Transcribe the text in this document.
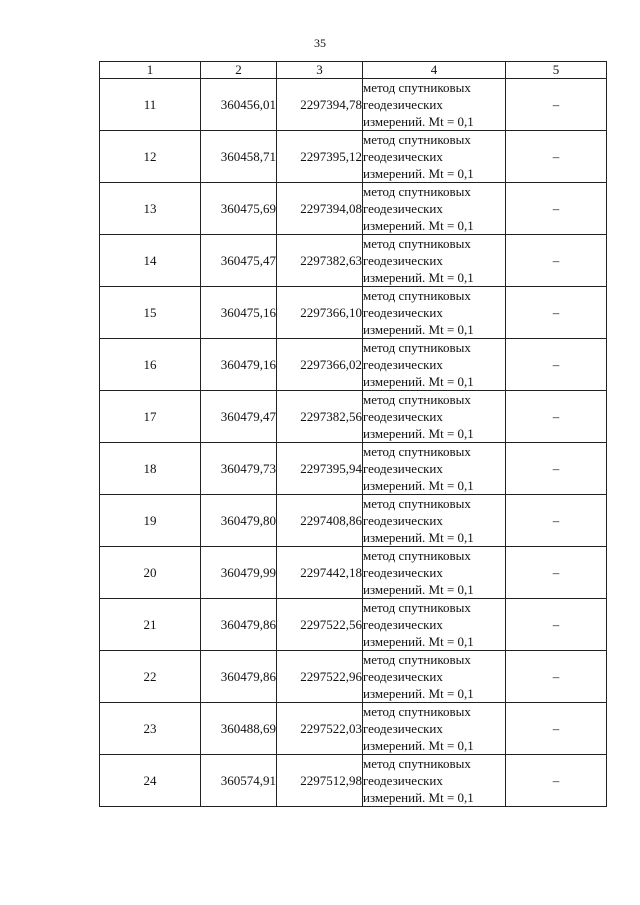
35
1	2	3	4	5
11	360456,01	2297394,78	метод спутниковых
геодезических
измерений. Mt = 0,1	–
12	360458,71	2297395,12	метод спутниковых
геодезических
измерений. Mt = 0,1	–
13	360475,69	2297394,08	метод спутниковых
геодезических
измерений. Mt = 0,1	–
14	360475,47	2297382,63	метод спутниковых
геодезических
измерений. Mt = 0,1	–
15	360475,16	2297366,10	метод спутниковых
геодезических
измерений. Mt = 0,1	–
16	360479,16	2297366,02	метод спутниковых
геодезических
измерений. Mt = 0,1	–
17	360479,47	2297382,56	метод спутниковых
геодезических
измерений. Mt = 0,1	–
18	360479,73	2297395,94	метод спутниковых
геодезических
измерений. Mt = 0,1	–
19	360479,80	2297408,86	метод спутниковых
геодезических
измерений. Mt = 0,1	–
20	360479,99	2297442,18	метод спутниковых
геодезических
измерений. Mt = 0,1	–
21	360479,86	2297522,56	метод спутниковых
геодезических
измерений. Mt = 0,1	–
22	360479,86	2297522,96	метод спутниковых
геодезических
измерений. Mt = 0,1	–
23	360488,69	2297522,03	метод спутниковых
геодезических
измерений. Mt = 0,1	–
24	360574,91	2297512,98	метод спутниковых
геодезических
измерений. Mt = 0,1	–
